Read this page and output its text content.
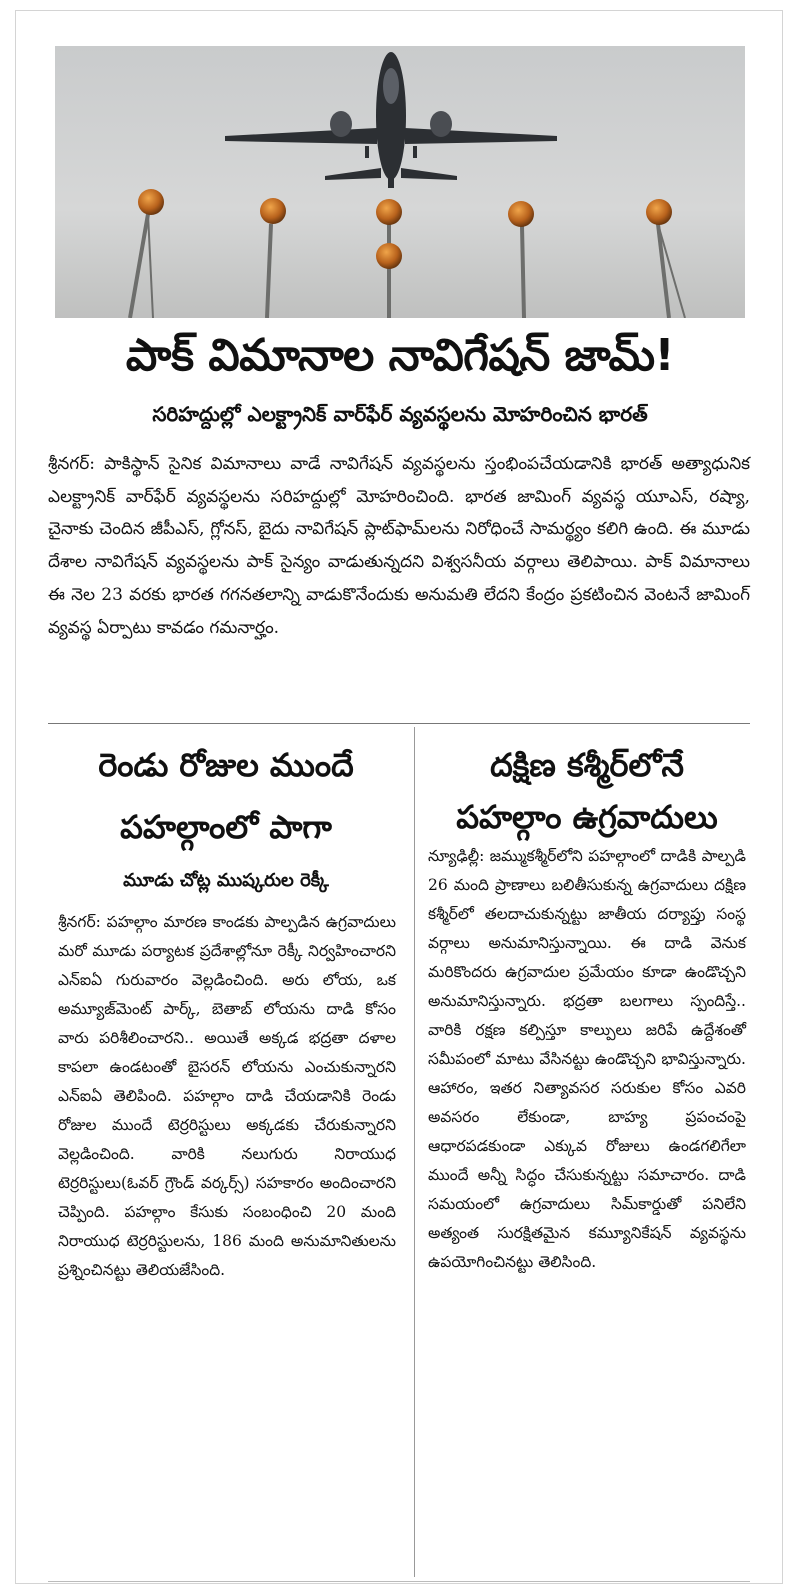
పాక్ విమానాల నావిగేషన్ జామ్!
సరిహద్దుల్లో ఎలక్ట్రానిక్ వార్‌ఫేర్ వ్యవస్థలను మోహరించిన భారత్

శ్రీనగర్: పాకిస్థాన్ సైనిక విమానాలు వాడే నావిగేషన్ వ్యవస్థలను స్తంభింపచేయడానికి భారత్ అత్యాధునిక ఎలక్ట్రానిక్ వార్‌ఫేర్ వ్యవస్థలను సరిహద్దుల్లో మోహరించింది. భారత జామింగ్ వ్యవస్థ యూఎస్, రష్యా, చైనాకు చెందిన జీపీఎస్, గ్లోనస్, బైదు నావిగేషన్ ప్లాట్‌ఫామ్‌లను నిరోధించే సామర్థ్యం కలిగి ఉంది. ఈ మూడు దేశాల నావిగేషన్ వ్యవస్థలను పాక్ సైన్యం వాడుతున్నదని విశ్వసనీయ వర్గాలు తెలిపాయి. పాక్ విమానాలు ఈ నెల 23 వరకు భారత గగనతలాన్ని వాడుకొనేందుకు అనుమతి లేదని కేంద్రం ప్రకటించిన వెంటనే జామింగ్ వ్యవస్థ ఏర్పాటు కావడం గమనార్హం.

రెండు రోజుల ముందే
పహల్గాంలో పాగా
మూడు చోట్ల ముష్కరుల రెక్కీ

శ్రీనగర్: పహల్గాం మారణ కాండకు పాల్పడిన ఉగ్రవాదులు మరో మూడు పర్యాటక ప్రదేశాల్లోనూ రెక్కీ నిర్వహించారని ఎన్ఐఏ గురువారం వెల్లడించింది. అరు లోయ, ఒక అమ్యూజ్‌మెంట్ పార్క్, బెతాబ్ లోయను దాడి కోసం వారు పరిశీలించారని.. అయితే అక్కడ భద్రతా దళాల కాపలా ఉండటంతో బైసరన్ లోయను ఎంచుకున్నారని ఎన్ఐఏ తెలిపింది. పహల్గాం దాడి చేయడానికి రెండు రోజుల ముందే టెర్రరిస్టులు అక్కడకు చేరుకున్నారని వెల్లడించింది. వారికి నలుగురు నిరాయుధ టెర్రరిస్టులు(ఓవర్ గ్రౌండ్ వర్కర్స్) సహకారం అందించారని చెప్పింది. పహల్గాం కేసుకు సంబంధించి 20 మంది నిరాయుధ టెర్రరిస్టులను, 186 మంది అనుమానితులను ప్రశ్నించినట్టు తెలియజేసింది.

దక్షిణ కశ్మీర్‌లోనే
పహల్గాం ఉగ్రవాదులు

న్యూఢిల్లీ: జమ్ముకశ్మీర్‌లోని పహల్గాంలో దాడికి పాల్పడి 26 మంది ప్రాణాలు బలితీసుకున్న ఉగ్రవాదులు దక్షిణ కశ్మీర్‌లో తలదాచుకున్నట్టు జాతీయ దర్యాప్తు సంస్థ వర్గాలు అనుమానిస్తున్నాయి. ఈ దాడి వెనుక మరికొందరు ఉగ్రవాదుల ప్రమేయం కూడా ఉండొచ్చని అనుమానిస్తున్నారు. భద్రతా బలగాలు స్పందిస్తే.. వారికి రక్షణ కల్పిస్తూ కాల్పులు జరిపే ఉద్దేశంతో సమీపంలో మాటు వేసినట్టు ఉండొచ్చని భావిస్తున్నారు. ఆహారం, ఇతర నిత్యావసర సరుకుల కోసం ఎవరి అవసరం లేకుండా, బాహ్య ప్రపంచంపై ఆధారపడకుండా ఎక్కువ రోజులు ఉండగలిగేలా ముందే అన్నీ సిద్ధం చేసుకున్నట్టు సమాచారం. దాడి సమయంలో ఉగ్రవాదులు సిమ్‌కార్డుతో పనిలేని అత్యంత సురక్షితమైన కమ్యూనికేషన్ వ్యవస్థను ఉపయోగించినట్టు తెలిసింది.
